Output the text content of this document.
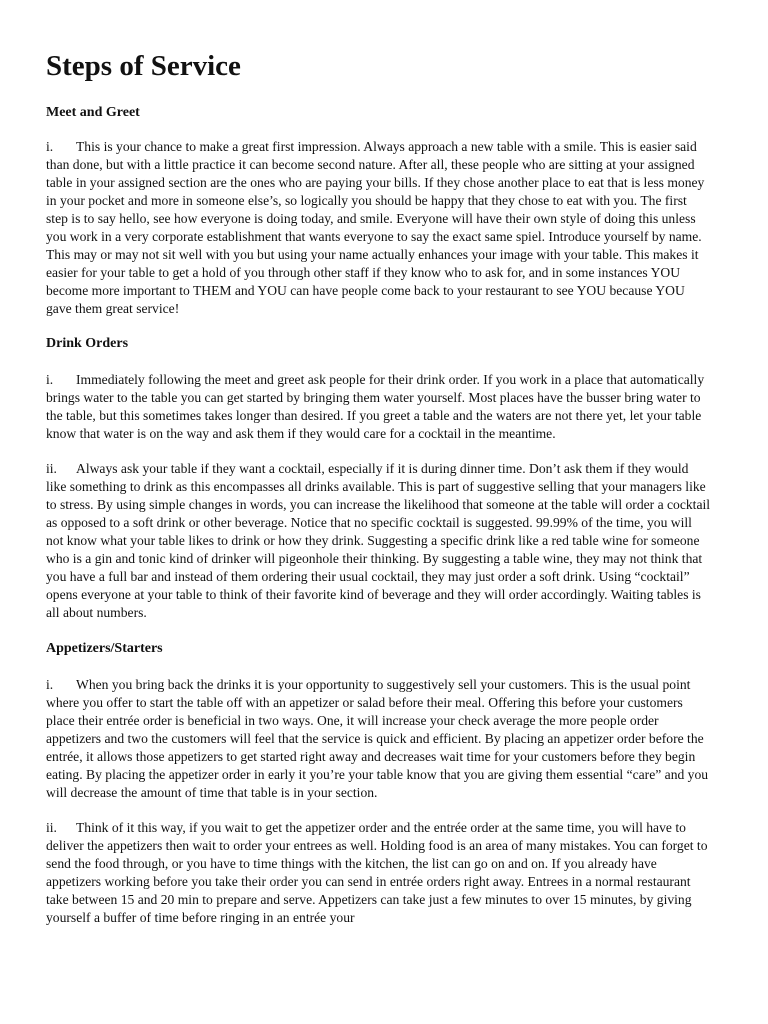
Steps of Service
Meet and Greet

i. This is your chance to make a great first impression. Always approach a new table with a smile. This is easier said than done, but with a little practice it can become second nature. After all, these people who are sitting at your assigned table in your assigned section are the ones who are paying your bills. If they chose another place to eat that is less money in your pocket and more in someone else’s, so logically you should be happy that they chose to eat with you. The first step is to say hello, see how everyone is doing today, and smile. Everyone will have their own style of doing this unless you work in a very corporate establishment that wants everyone to say the exact same spiel. Introduce yourself by name. This may or may not sit well with you but using your name actually enhances your image with your table. This makes it easier for your table to get a hold of you through other staff if they know who to ask for, and in some instances YOU become more important to THEM and YOU can have people come back to your restaurant to see YOU because YOU gave them great service!

Drink Orders

i. Immediately following the meet and greet ask people for their drink order. If you work in a place that automatically brings water to the table you can get started by bringing them water yourself. Most places have the busser bring water to the table, but this sometimes takes longer than desired. If you greet a table and the waters are not there yet, let your table know that water is on the way and ask them if they would care for a cocktail in the meantime.

ii. Always ask your table if they want a cocktail, especially if it is during dinner time. Don’t ask them if they would like something to drink as this encompasses all drinks available. This is part of suggestive selling that your managers like to stress. By using simple changes in words, you can increase the likelihood that someone at the table will order a cocktail as opposed to a soft drink or other beverage. Notice that no specific cocktail is suggested. 99.99% of the time, you will not know what your table likes to drink or how they drink. Suggesting a specific drink like a red table wine for someone who is a gin and tonic kind of drinker will pigeonhole their thinking. By suggesting a table wine, they may not think that you have a full bar and instead of them ordering their usual cocktail, they may just order a soft drink. Using “cocktail” opens everyone at your table to think of their favorite kind of beverage and they will order accordingly. Waiting tables is all about numbers.

Appetizers/Starters

i. When you bring back the drinks it is your opportunity to suggestively sell your customers. This is the usual point where you offer to start the table off with an appetizer or salad before their meal. Offering this before your customers place their entrée order is beneficial in two ways. One, it will increase your check average the more people order appetizers and two the customers will feel that the service is quick and efficient. By placing an appetizer order before the entrée, it allows those appetizers to get started right away and decreases wait time for your customers before they begin eating. By placing the appetizer order in early it you’re your table know that you are giving them essential “care” and you will decrease the amount of time that table is in your section.

ii. Think of it this way, if you wait to get the appetizer order and the entrée order at the same time, you will have to deliver the appetizers then wait to order your entrees as well. Holding food is an area of many mistakes. You can forget to send the food through, or you have to time things with the kitchen, the list can go on and on. If you already have appetizers working before you take their order you can send in entrée orders right away. Entrees in a normal restaurant take between 15 and 20 min to prepare and serve. Appetizers can take just a few minutes to over 15 minutes, by giving yourself a buffer of time before ringing in an entrée your
